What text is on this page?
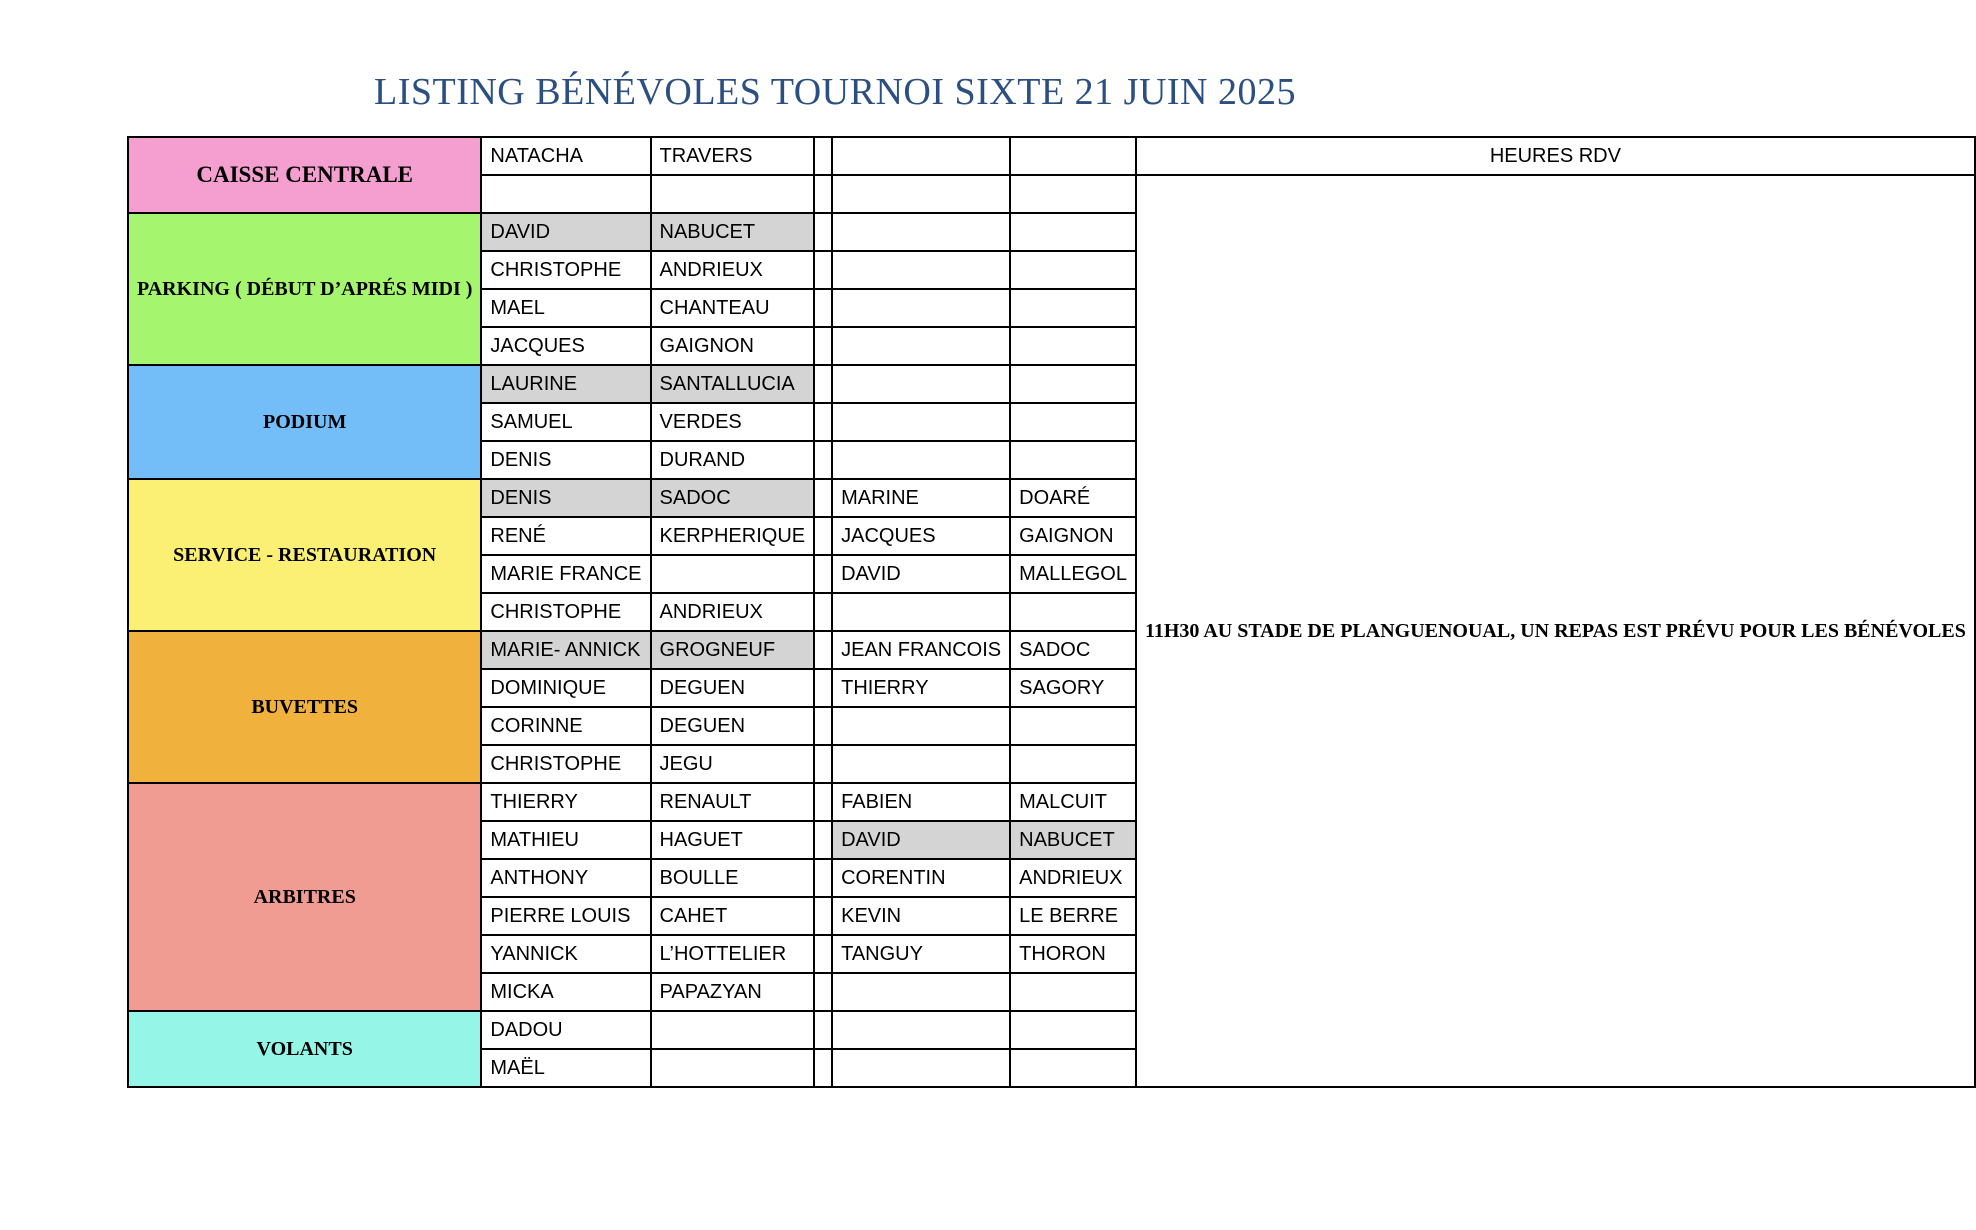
LISTING BÉNÉVOLES TOURNOI SIXTE 21 JUIN 2025
CAISSE CENTRALE	NATACHA	TRAVERS				HEURES RDV
						11H30 AU STADE DE PLANGUENOUAL, UN REPAS EST PRÉVU POUR LES BÉNÉVOLES
PARKING ( DÉBUT D’APRÉS MIDI )	DAVID	NABUCET				
	CHRISTOPHE	ANDRIEUX				
	MAEL	CHANTEAU				
	JACQUES	GAIGNON				
PODIUM	LAURINE	SANTALLUCIA				
	SAMUEL	VERDES				
	DENIS	DURAND				
SERVICE - RESTAURATION	DENIS	SADOC		MARINE	DOARÉ	
	RENÉ	KERPHERIQUE		JACQUES	GAIGNON	
	MARIE FRANCE			DAVID	MALLEGOL	
	CHRISTOPHE	ANDRIEUX				
BUVETTES	MARIE- ANNICK	GROGNEUF		JEAN FRANCOIS	SADOC	
	DOMINIQUE	DEGUEN		THIERRY	SAGORY	
	CORINNE	DEGUEN				
	CHRISTOPHE	JEGU				
ARBITRES	THIERRY	RENAULT		FABIEN	MALCUIT	
	MATHIEU	HAGUET		DAVID	NABUCET	
	ANTHONY	BOULLE		CORENTIN	ANDRIEUX	
	PIERRE LOUIS	CAHET		KEVIN	LE BERRE	
	YANNICK	L’HOTTELIER		TANGUY	THORON	
	MICKA	PAPAZYAN				
VOLANTS	DADOU					
	MAËL					
